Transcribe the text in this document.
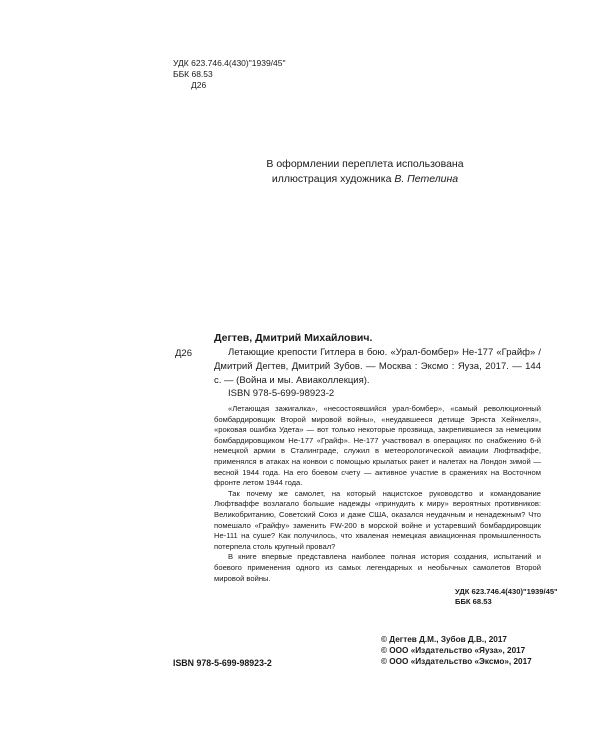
УДК 623.746.4(430)"1939/45"
ББК 68.53
Д26
В оформлении переплета использована
иллюстрация художника В. Петелина
Дегтев, Дмитрий Михайлович.
Д26	Летающие крепости Гитлера в бою. «Урал-бомбер» Не-177 «Грайф» / Дмитрий Дегтев, Дмитрий Зубов. — Москва : Эксмо : Яуза, 2017. — 144 с. — (Война и мы. Авиаколлекция).
ISBN 978-5-699-98923-2

«Летающая зажигалка», «несостоявшийся урал-бомбер», «самый революционный бомбардировщик Второй мировой войны», «неудавшееся детище Эрнста Хейнкеля», «роковая ошибка Удета» — вот только некоторые прозвища, закрепившиеся за немецким бомбардировщиком Не-177 «Грайф». Не-177 участвовал в операциях по снабжению 6-й немецкой армии в Сталинграде, служил в метеорологической авиации Люфтваффе, применялся в атаках на конвои с помощью крылатых ракет и налетах на Лондон зимой — весной 1944 года. На его боевом счету — активное участие в сражениях на Восточном фронте летом 1944 года.

Так почему же самолет, на который нацистское руководство и командование Люфтваффе возлагало большие надежды «принудить к миру» вероятных противников: Великобританию, Советский Союз и даже США, оказался неудачным и ненадежным? Что помешало «Грайфу» заменить FW-200 в морской войне и устаревший бомбардировщик Не-111 на суше? Как получилось, что хваленая немецкая авиационная промышленность потерпела столь крупный провал?

В книге впервые представлена наиболее полная история создания, испытаний и боевого применения одного из самых легендарных и необычных самолетов Второй мировой войны.

УДК 623.746.4(430)"1939/45"
ББК 68.53
© Дегтев Д.М., Зубов Д.В., 2017
© ООО «Издательство «Яуза», 2017
© ООО «Издательство «Эксмо», 2017
ISBN 978-5-699-98923-2
